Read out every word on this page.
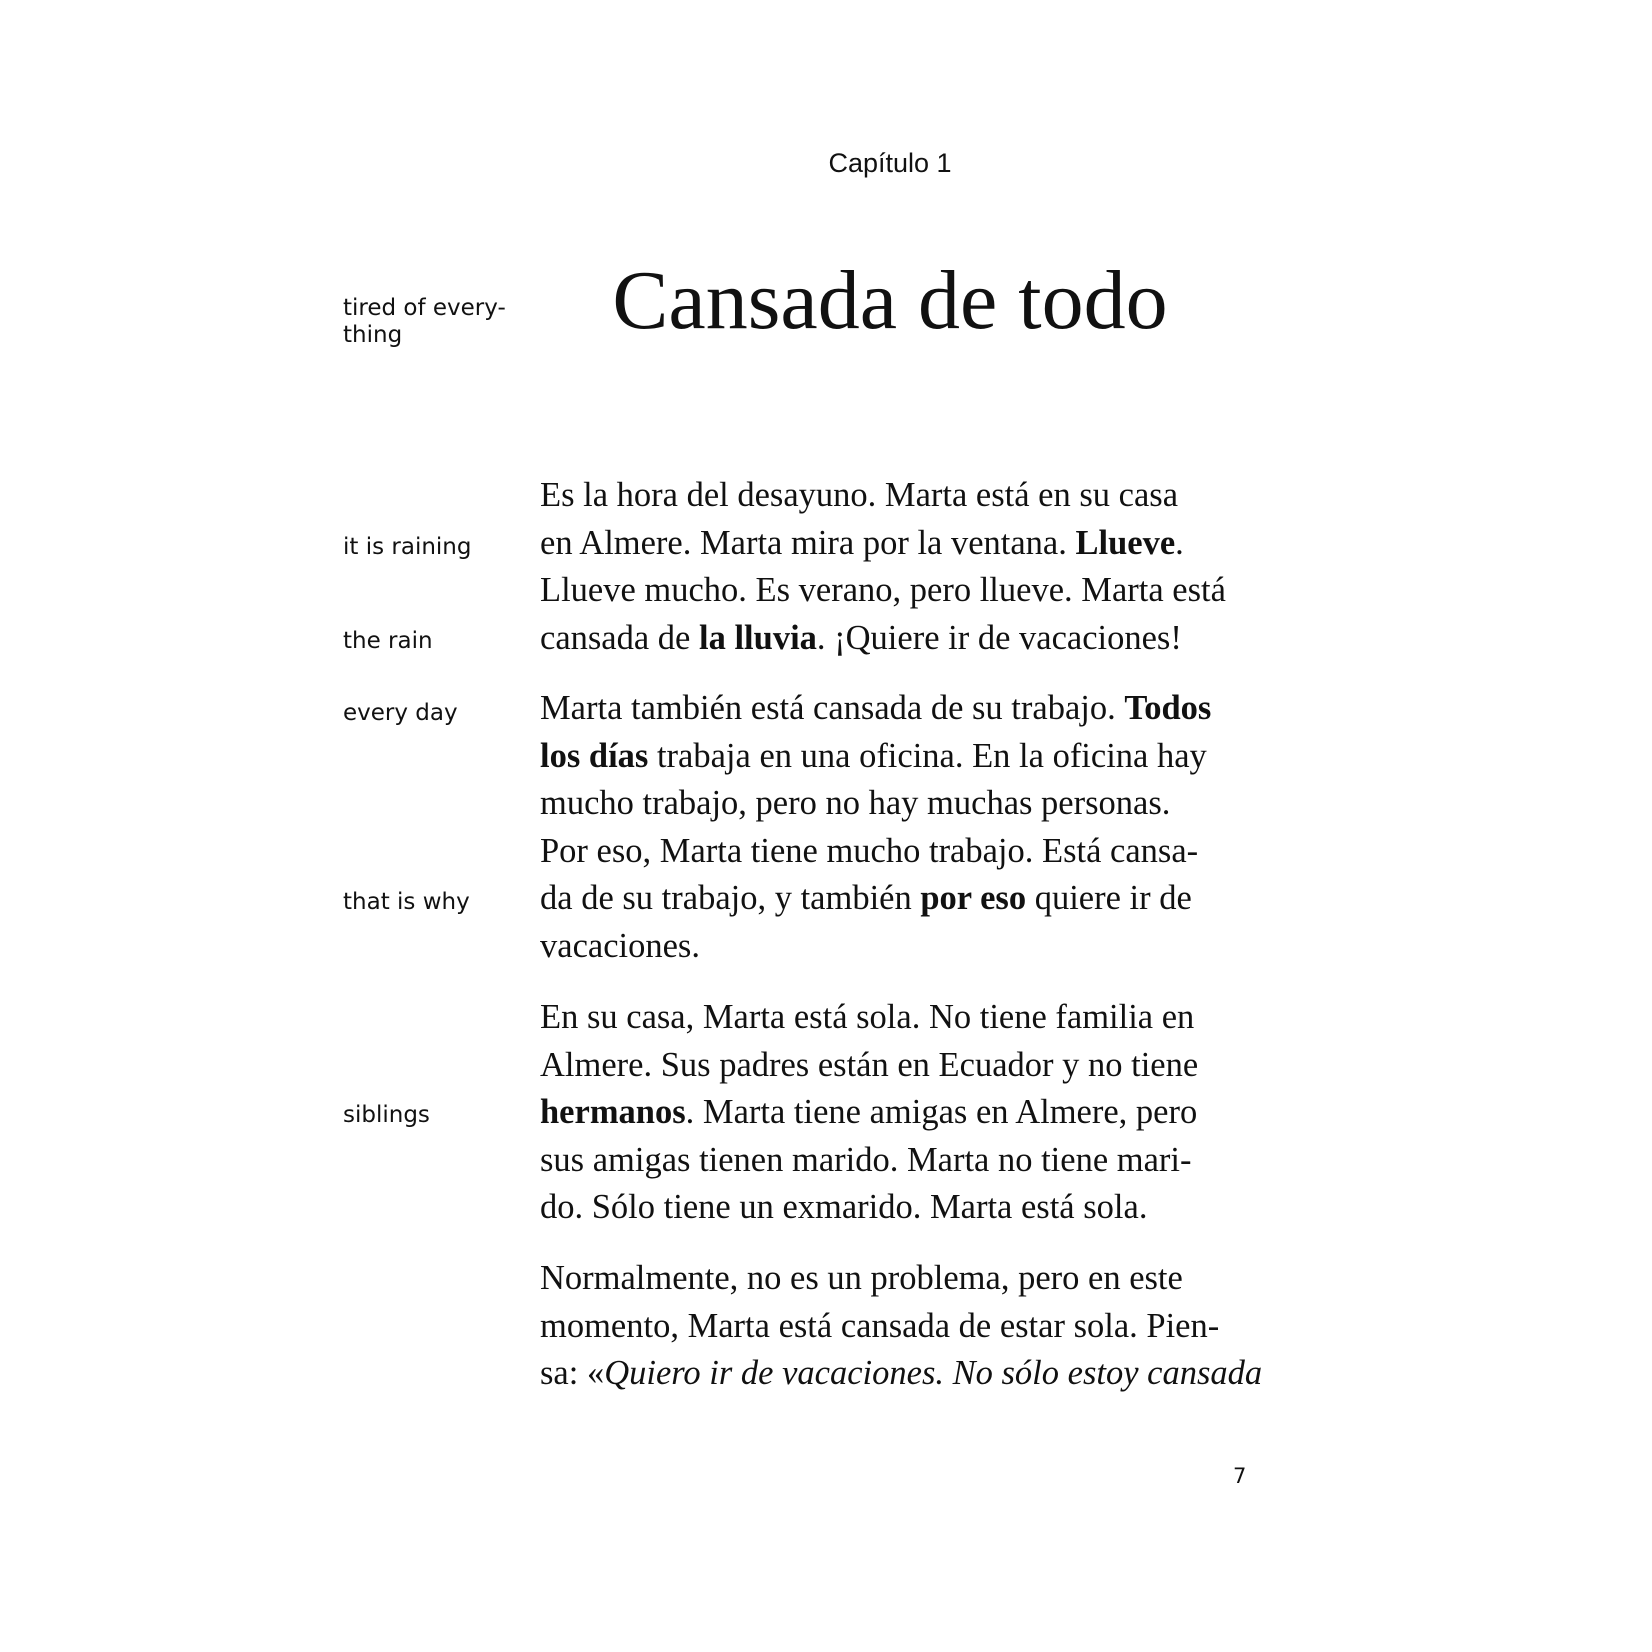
Capítulo 1
Cansada de todo
tired of every-
thing
it is raining
the rain
every day
that is why
siblings
Es la hora del desayuno. Marta está en su casa
en Almere. Marta mira por la ventana. Llueve.
Llueve mucho. Es verano, pero llueve. Marta está
cansada de la lluvia. ¡Quiere ir de vacaciones!
Marta también está cansada de su trabajo. Todos
los días trabaja en una oficina. En la oficina hay
mucho trabajo, pero no hay muchas personas.
Por eso, Marta tiene mucho trabajo. Está cansa-
da de su trabajo, y también por eso quiere ir de
vacaciones.
En su casa, Marta está sola. No tiene familia en
Almere. Sus padres están en Ecuador y no tiene
hermanos. Marta tiene amigas en Almere, pero
sus amigas tienen marido. Marta no tiene mari-
do. Sólo tiene un exmarido. Marta está sola.
Normalmente, no es un problema, pero en este
momento, Marta está cansada de estar sola. Pien-
sa: «Quiero ir de vacaciones. No sólo estoy cansada
7
